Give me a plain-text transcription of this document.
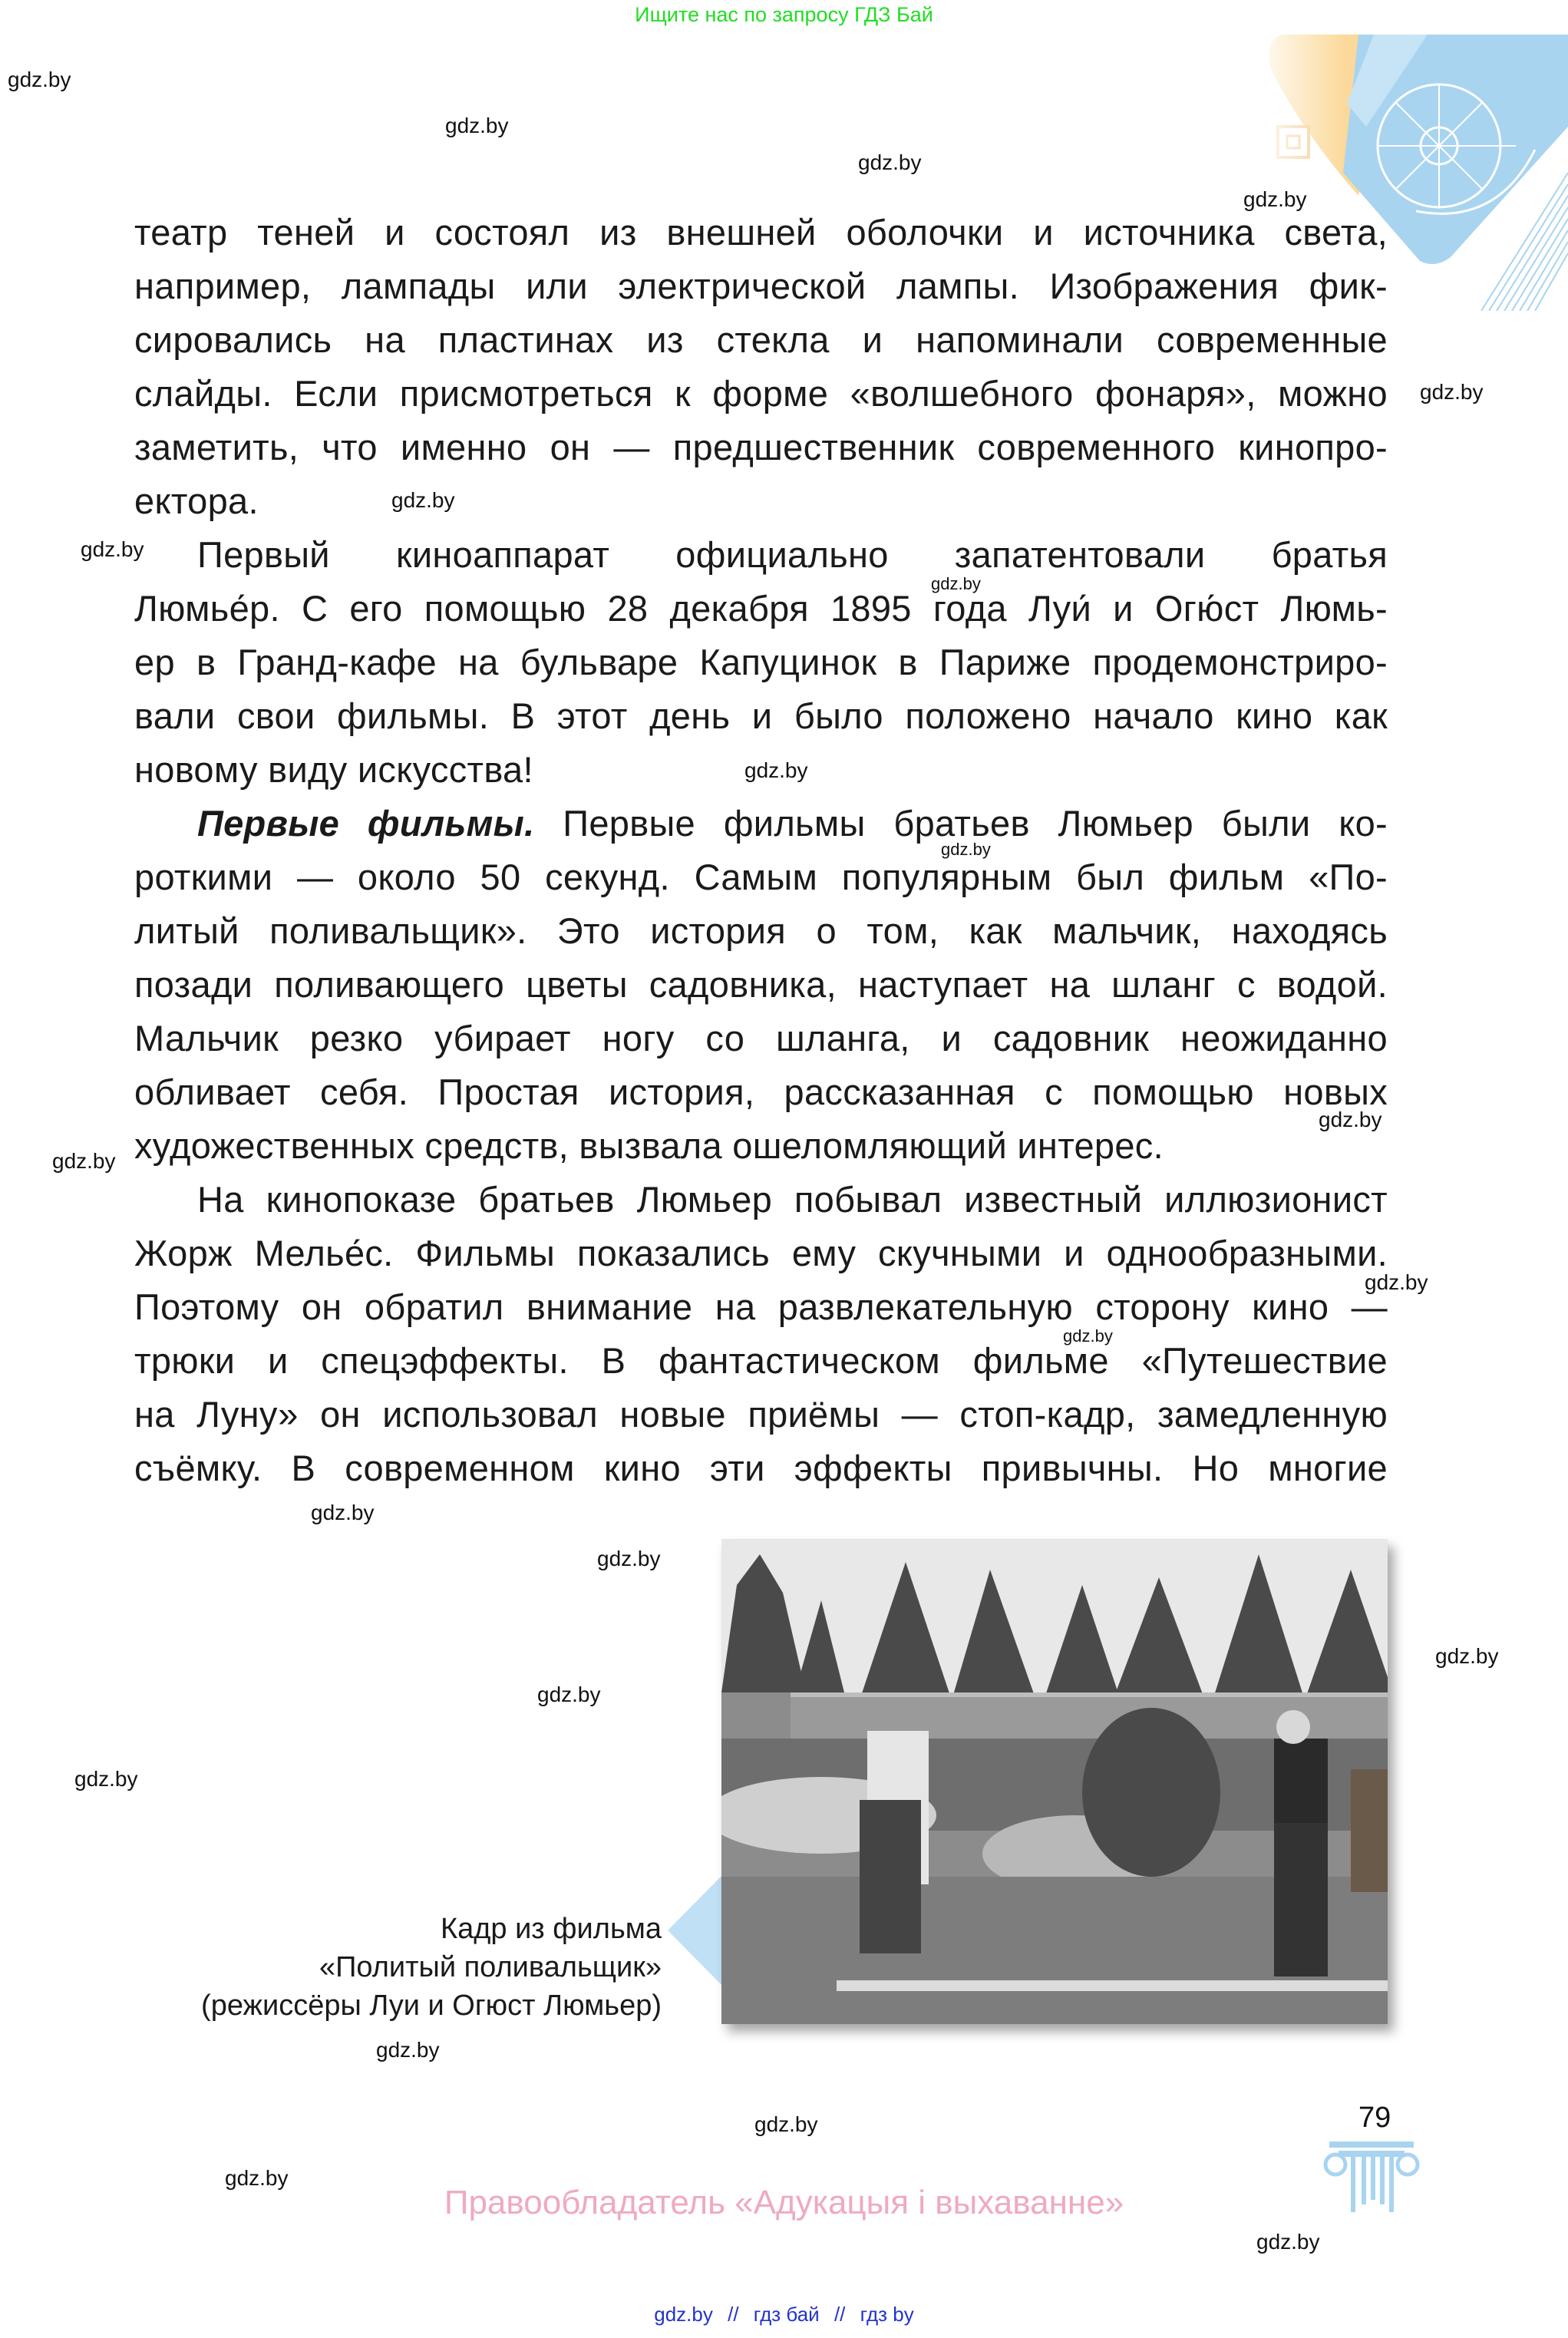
Ищите нас по запросу ГДЗ Бай
gdz.by
gdz.by
gdz.by
gdz.by
gdz.by
gdz.by
gdz.by
gdz.by
gdz.by
gdz.by
gdz.by
gdz.by
gdz.by
gdz.by
gdz.by
gdz.by
gdz.by
gdz.by
gdz.by
gdz.by
gdz.by
gdz.by
gdz.by
театр теней и состоял из внешней оболочки и источника света,
например, лампады или электрической лампы. Изображения фик-
сировались на пластинах из стекла и напоминали современные
слайды. Если присмотреться к форме «волшебного фонаря», можно
заметить, что именно он — предшественник современного кинопро-
ектора.
Первый киноаппарат официально запатентовали братья
Люмье́р. С его помощью 28 декабря 1895 года Луи́ и Огю́ст Люмь-
ер в Гранд-кафе на бульваре Капуцинок в Париже продемонстриро-
вали свои фильмы. В этот день и было положено начало кино как
новому виду искусства!
Первые фильмы. Первые фильмы братьев Люмьер были ко-
роткими — около 50 секунд. Самым популярным был фильм «По-
литый поливальщик». Это история о том, как мальчик, находясь
позади поливающего цветы садовника, наступает на шланг с водой.
Мальчик резко убирает ногу со шланга, и садовник неожиданно
обливает себя. Простая история, рассказанная с помощью новых
художественных средств, вызвала ошеломляющий интерес.
На кинопоказе братьев Люмьер побывал известный иллюзионист
Жорж Мелье́с. Фильмы показались ему скучными и однообразными.
Поэтому он обратил внимание на развлекательную сторону кино —
трюки и спецэффекты. В фантастическом фильме «Путешествие
на Луну» он использовал новые приёмы — стоп-кадр, замедленную
съёмку. В современном кино эти эффекты привычны. Но многие
Кадр из фильма
«Политый поливальщик»
(режиссёры Луи и Огюст Люмьер)
79
Правообладатель «Адукацыя і выхаванне»
gdz.by // гдз бай // гдз by
